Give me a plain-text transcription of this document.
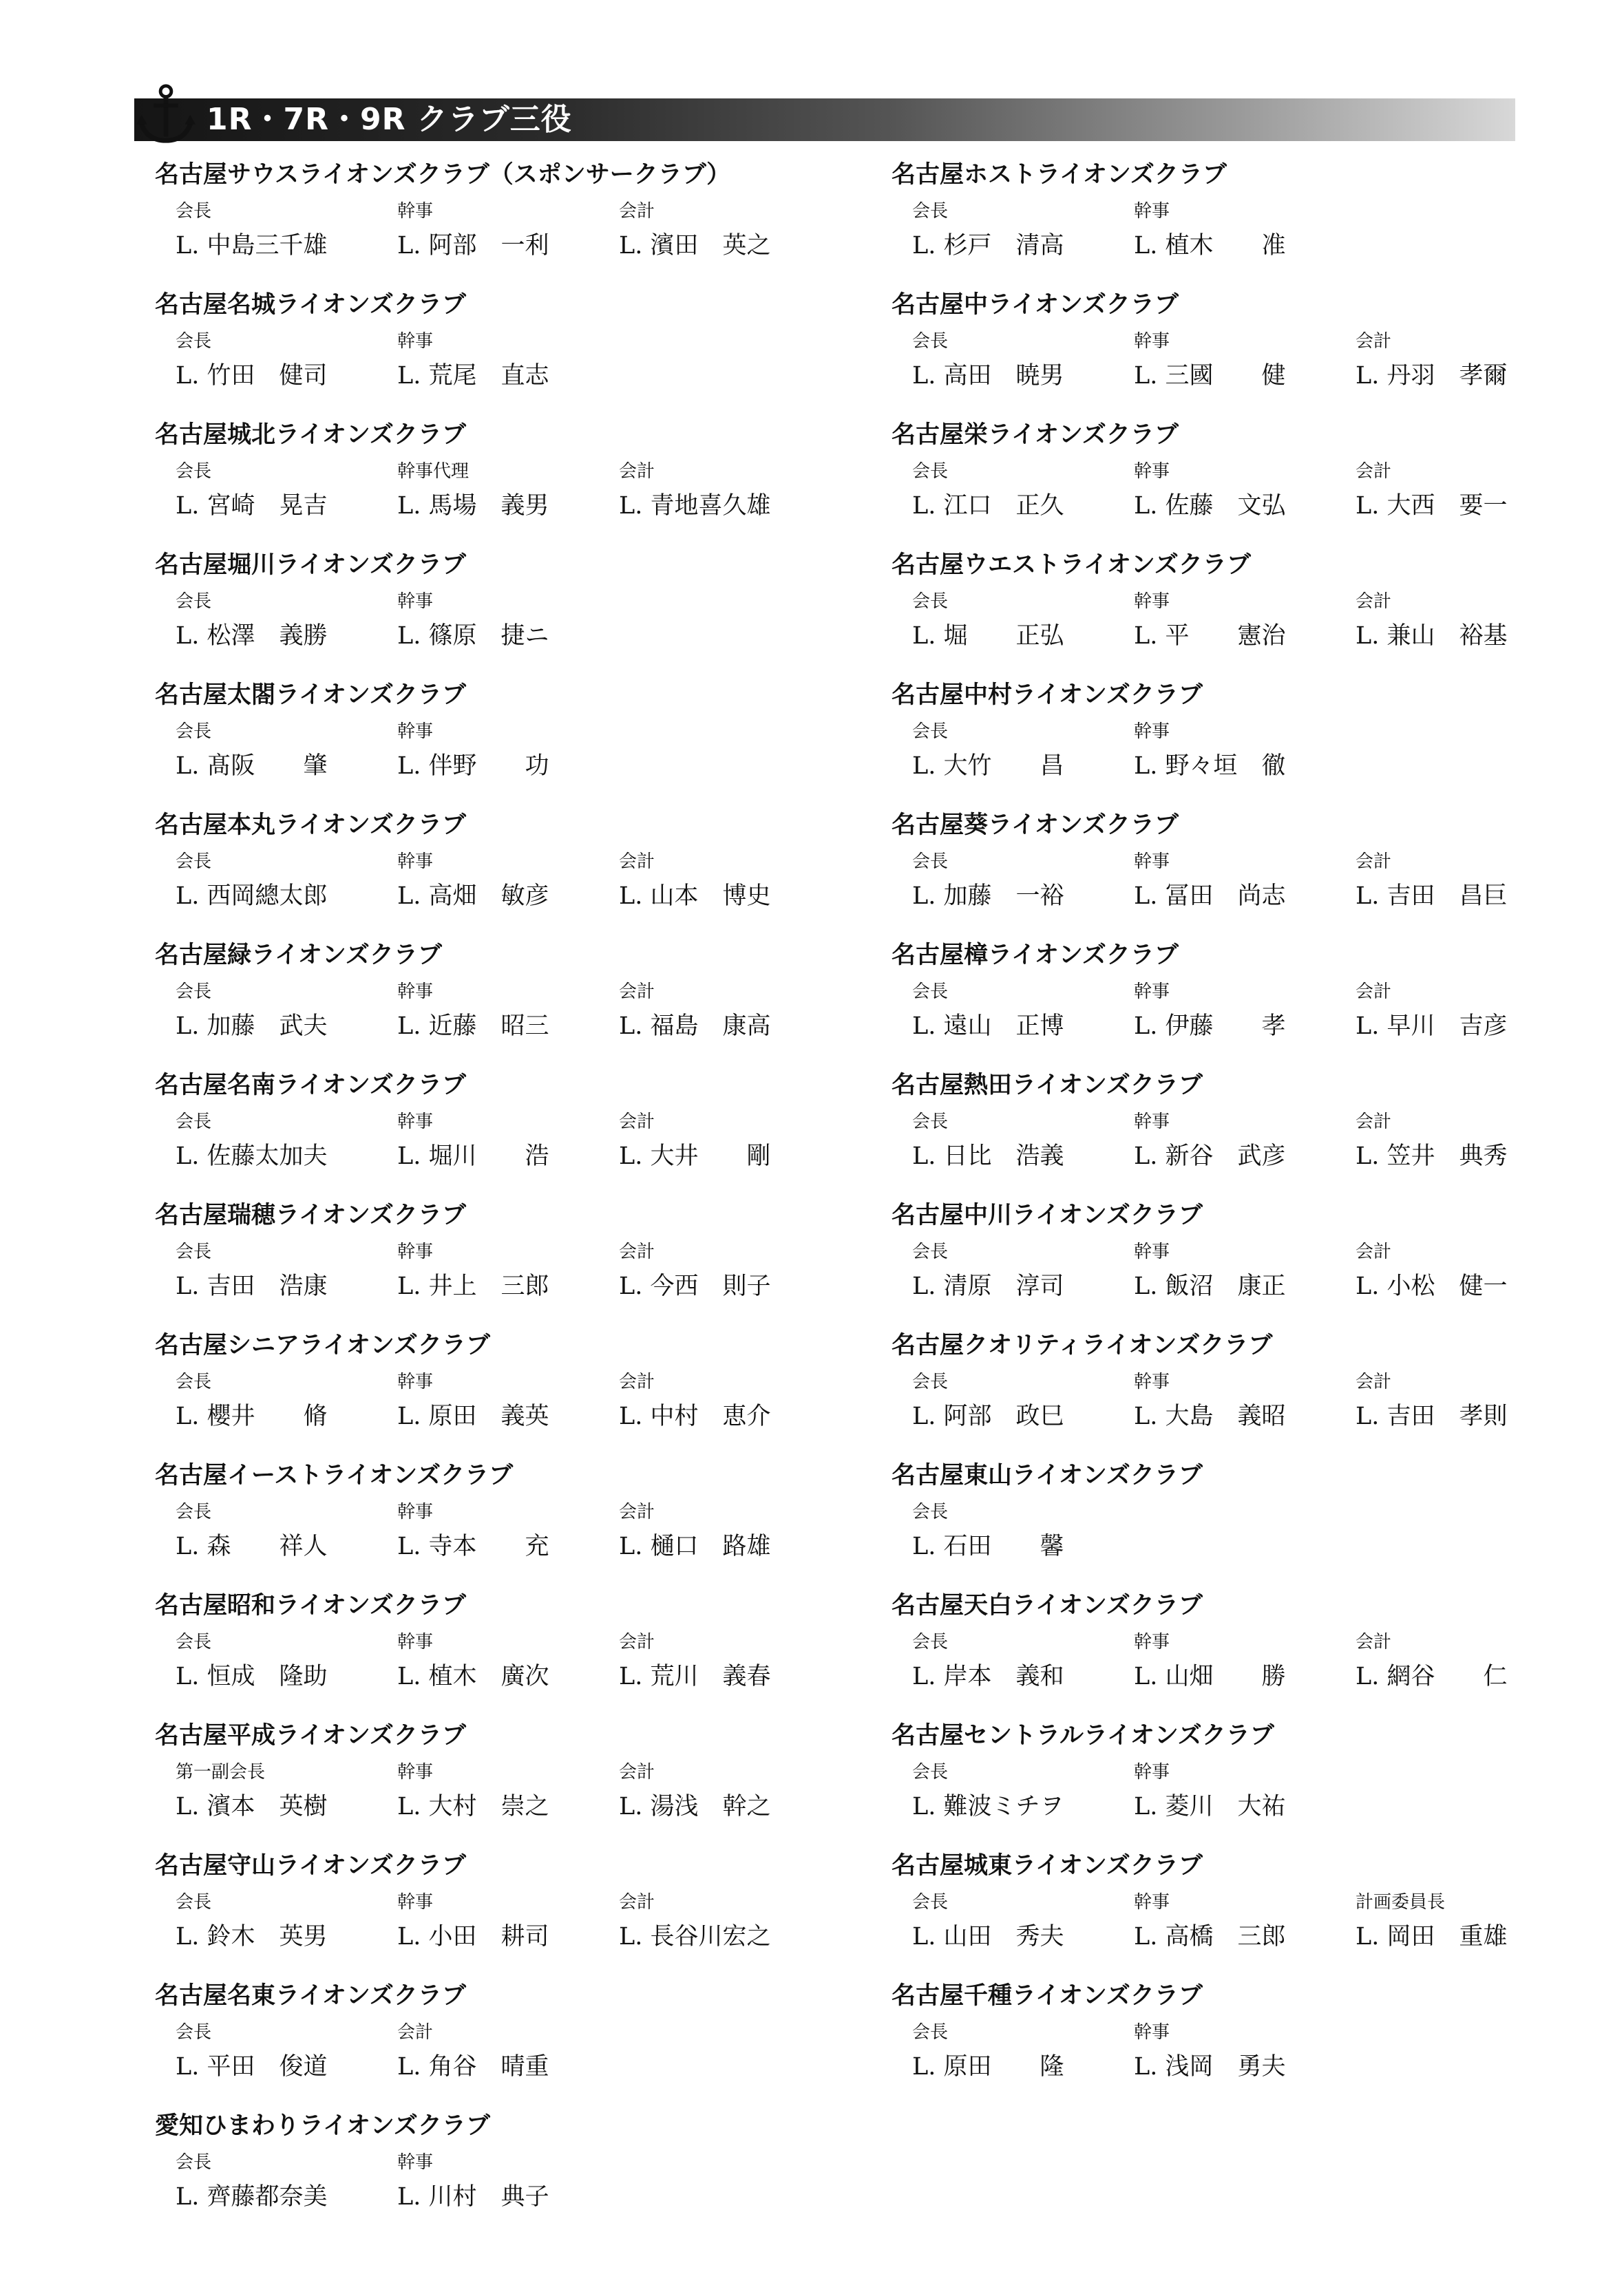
1R・7R・9R クラブ三役
名古屋サウスライオンズクラブ（スポンサークラブ）
会長
L. 中島三千雄
幹事
L. 阿部　一利
会計
L. 濱田　英之
名古屋名城ライオンズクラブ
会長
L. 竹田　健司
幹事
L. 荒尾　直志
名古屋城北ライオンズクラブ
会長
L. 宮崎　晃吉
幹事代理
L. 馬場　義男
会計
L. 青地喜久雄
名古屋堀川ライオンズクラブ
会長
L. 松澤　義勝
幹事
L. 篠原　捷ニ
名古屋太閤ライオンズクラブ
会長
L. 髙阪　　肇
幹事
L. 伴野　　功
名古屋本丸ライオンズクラブ
会長
L. 西岡總太郎
幹事
L. 高畑　敏彦
会計
L. 山本　博史
名古屋緑ライオンズクラブ
会長
L. 加藤　武夫
幹事
L. 近藤　昭三
会計
L. 福島　康高
名古屋名南ライオンズクラブ
会長
L. 佐藤太加夫
幹事
L. 堀川　　浩
会計
L. 大井　　剛
名古屋瑞穂ライオンズクラブ
会長
L. 吉田　浩康
幹事
L. 井上　三郎
会計
L. 今西　則子
名古屋シニアライオンズクラブ
会長
L. 櫻井　　脩
幹事
L. 原田　義英
会計
L. 中村　恵介
名古屋イーストライオンズクラブ
会長
L. 森　　祥人
幹事
L. 寺本　　充
会計
L. 樋口　路雄
名古屋昭和ライオンズクラブ
会長
L. 恒成　隆助
幹事
L. 植木　廣次
会計
L. 荒川　義春
名古屋平成ライオンズクラブ
第一副会長
L. 濱本　英樹
幹事
L. 大村　崇之
会計
L. 湯浅　幹之
名古屋守山ライオンズクラブ
会長
L. 鈴木　英男
幹事
L. 小田　耕司
会計
L. 長谷川宏之
名古屋名東ライオンズクラブ
会長
L. 平田　俊道
会計
L. 角谷　晴重
愛知ひまわりライオンズクラブ
会長
L. 齊藤都奈美
幹事
L. 川村　典子
名古屋ホストライオンズクラブ
会長
L. 杉戸　清高
幹事
L. 植木　　准
名古屋中ライオンズクラブ
会長
L. 高田　暁男
幹事
L. 三國　　健
会計
L. 丹羽　孝爾
名古屋栄ライオンズクラブ
会長
L. 江口　正久
幹事
L. 佐藤　文弘
会計
L. 大西　要一
名古屋ウエストライオンズクラブ
会長
L. 堀　　正弘
幹事
L. 平　　憲治
会計
L. 兼山　裕基
名古屋中村ライオンズクラブ
会長
L. 大竹　　昌
幹事
L. 野々垣　徹
名古屋葵ライオンズクラブ
会長
L. 加藤　一裕
幹事
L. 冨田　尚志
会計
L. 吉田　昌巨
名古屋樟ライオンズクラブ
会長
L. 遠山　正博
幹事
L. 伊藤　　孝
会計
L. 早川　吉彦
名古屋熱田ライオンズクラブ
会長
L. 日比　浩義
幹事
L. 新谷　武彦
会計
L. 笠井　典秀
名古屋中川ライオンズクラブ
会長
L. 清原　淳司
幹事
L. 飯沼　康正
会計
L. 小松　健一
名古屋クオリティライオンズクラブ
会長
L. 阿部　政巳
幹事
L. 大島　義昭
会計
L. 吉田　孝則
名古屋東山ライオンズクラブ
会長
L. 石田　　馨
名古屋天白ライオンズクラブ
会長
L. 岸本　義和
幹事
L. 山畑　　勝
会計
L. 網谷　　仁
名古屋セントラルライオンズクラブ
会長
L. 難波ミチヲ
幹事
L. 菱川　大祐
名古屋城東ライオンズクラブ
会長
L. 山田　秀夫
幹事
L. 高橋　三郎
計画委員長
L. 岡田　重雄
名古屋千種ライオンズクラブ
会長
L. 原田　　隆
幹事
L. 浅岡　勇夫
